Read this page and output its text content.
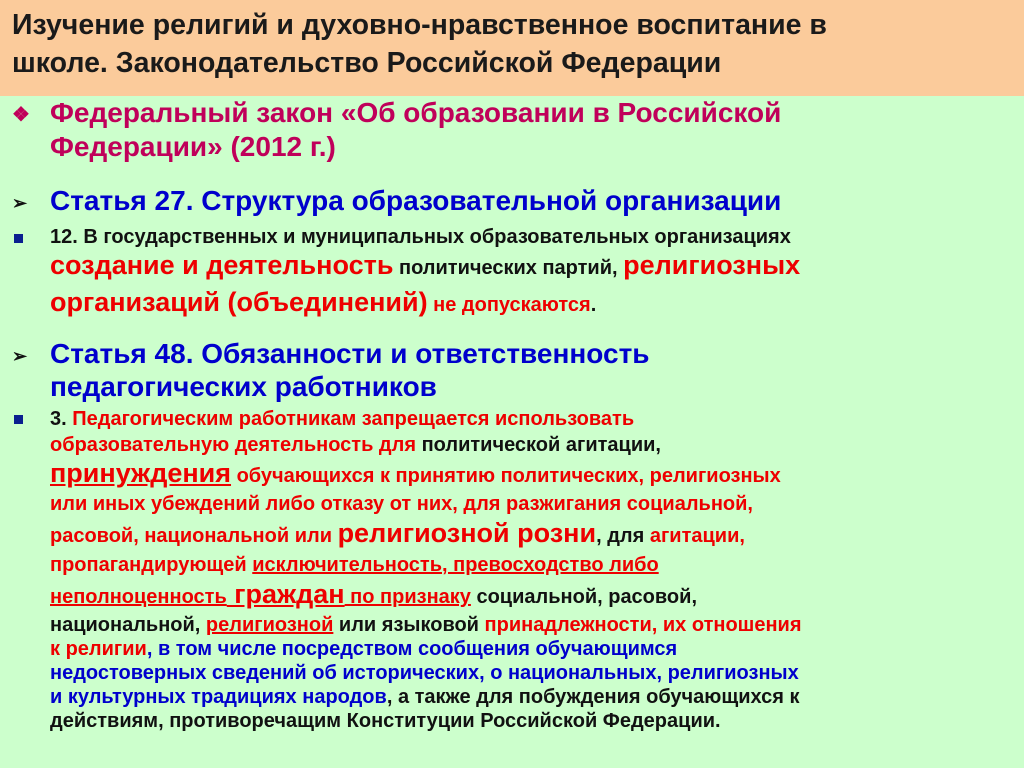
Изучение религий и духовно-нравственное воспитание в
школе. Законодательство Российской Федерации
❖ Федеральный закон «Об образовании в Российской
Федерации» (2012 г.)
➢ Статья 27. Структура образовательной организации
12. В государственных и муниципальных образовательных организациях
создание и деятельность политических партий, религиозных
организаций (объединений) не допускаются.
➢ Статья 48. Обязанности и ответственность
педагогических работников
3. Педагогическим работникам запрещается использовать
образовательную деятельность для политической агитации,
принуждения обучающихся к принятию политических, религиозных
или иных убеждений либо отказу от них, для разжигания социальной,
расовой, национальной или религиозной розни, для агитации,
пропагандирующей исключительность, превосходство либо
неполноценность граждан по признаку социальной, расовой,
национальной, религиозной или языковой принадлежности, их отношения
к религии, в том числе посредством сообщения обучающимся
недостоверных сведений об исторических, о национальных, религиозных
и культурных традициях народов, а также для побуждения обучающихся к
действиям, противоречащим Конституции Российской Федерации.
